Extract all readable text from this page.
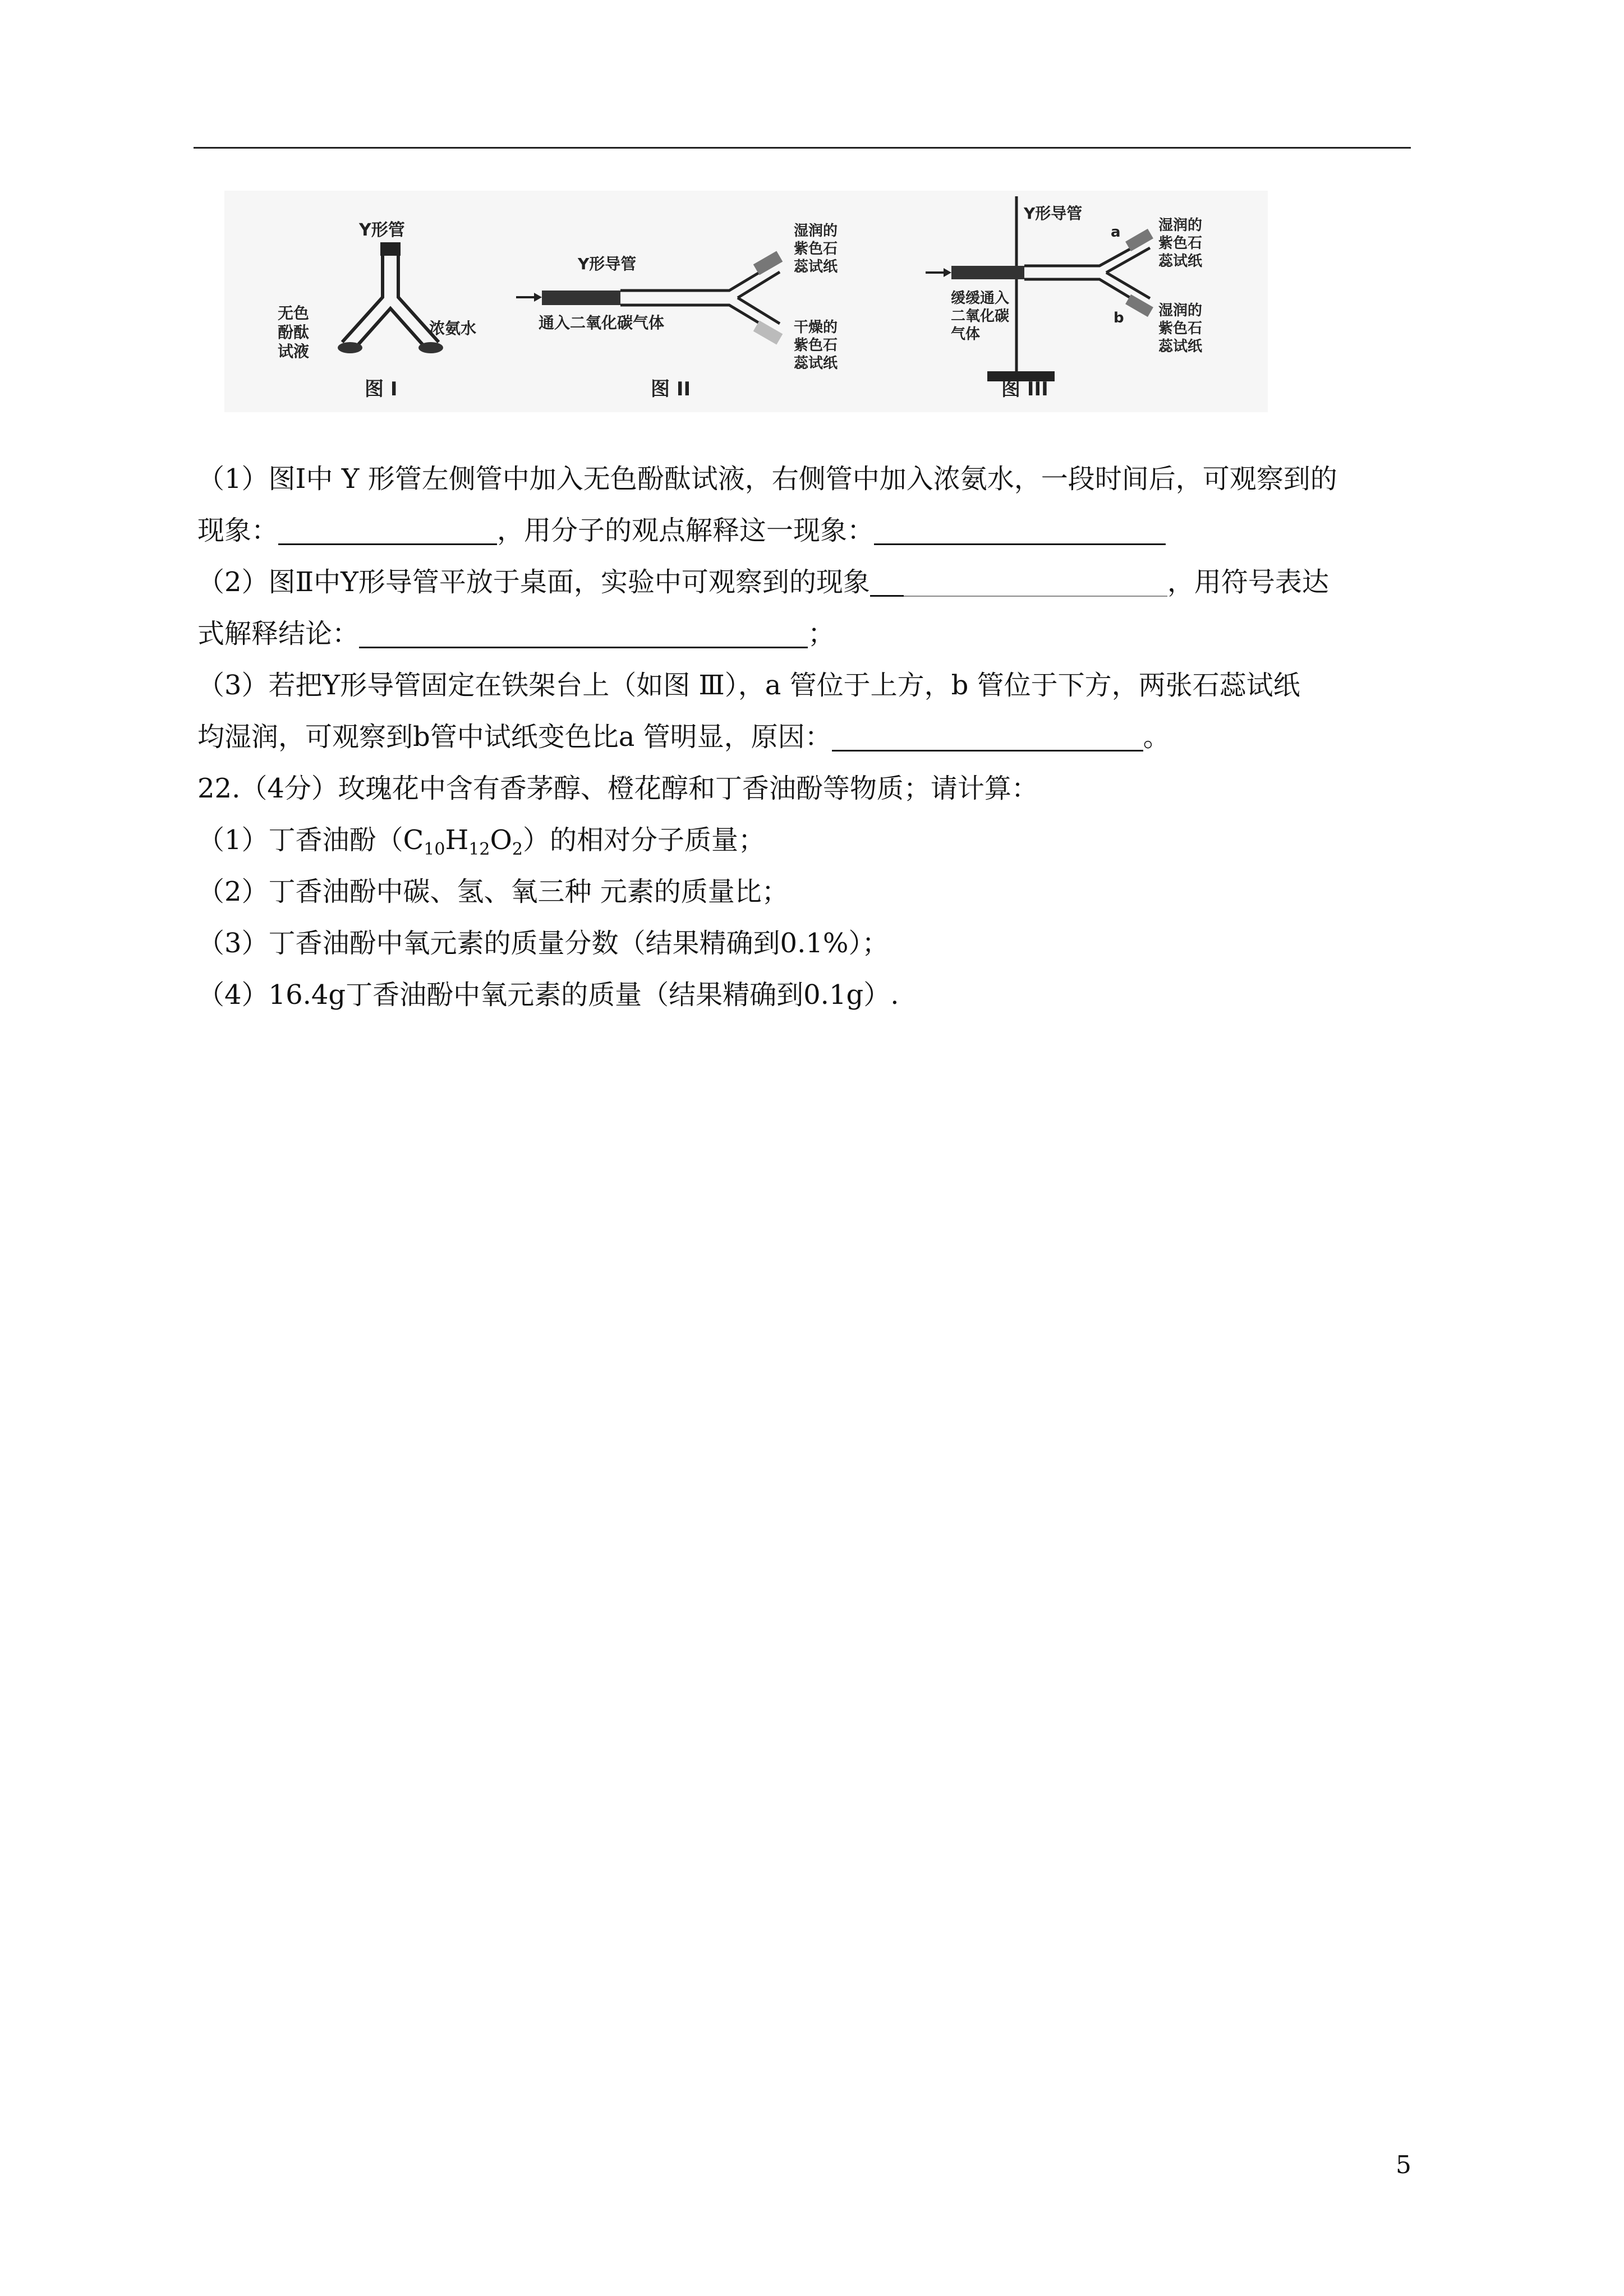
Y形管
无色
酚酞
试液
浓氨水
图 I
Y形导管
通入二氧化碳气体
湿润的
紫色石
蕊试纸
干燥的
紫色石
蕊试纸
图 II
Y形导管
a
b
缓缓通入
二氧化碳
气体
湿润的
紫色石
蕊试纸
湿润的
紫色石
蕊试纸
图 III
（1）图Ⅰ中 Y 形管左侧管中加入无色酚酞试液，右侧管中加入浓氨水，一段时间后，可观察到的
现象：	，用分子的观点解释这一现象：
（2）图Ⅱ中Y形导管平放于桌面，实验中可观察到的现象	，用符号表达
式解释结论：	；
（3）若把Y形导管固定在铁架台上（如图 Ⅲ），a 管位于上方，b 管位于下方，两张石蕊试纸
均湿润，可观察到b管中试纸变色比a 管明显，原因：	。
22.（4分）玫瑰花中含有香茅醇、橙花醇和丁香油酚等物质；请计算：
（1）丁香油酚$(C_{10}H_{12}O_2)$的相对分子质量；
（2）丁香油酚中碳、氢、氧三种 元素的质量比；
（3）丁香油酚中氧元素的质量分数（结果精确到0.1%）；
（4）16.4g丁香油酚中氧元素的质量（结果精确到0.1g）.
5
